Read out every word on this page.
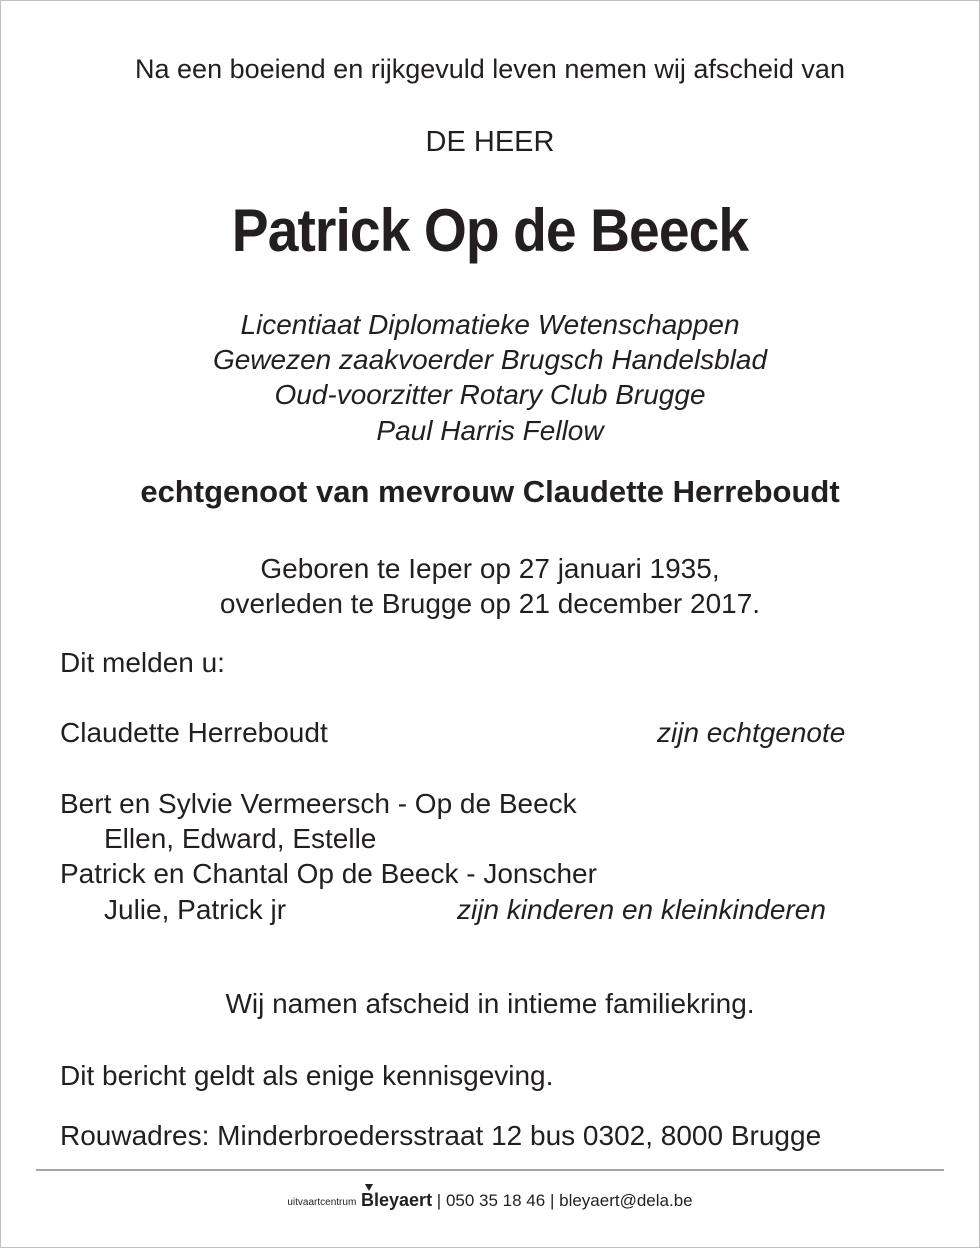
Na een boeiend en rijkgevuld leven nemen wij afscheid van
DE HEER
Patrick Op de Beeck
Licentiaat Diplomatieke Wetenschappen
Gewezen zaakvoerder Brugsch Handelsblad
Oud-voorzitter Rotary Club Brugge
Paul Harris Fellow
echtgenoot van mevrouw Claudette Herreboudt
Geboren te Ieper op 27 januari 1935,
overleden te Brugge op 21 december 2017.
Dit melden u:
Claudette Herreboudt	zijn echtgenote
Bert en Sylvie Vermeersch - Op de Beeck
Ellen, Edward, Estelle
Patrick en Chantal Op de Beeck - Jonscher
Julie, Patrick jr	zijn kinderen en kleinkinderen
Wij namen afscheid in intieme familiekring.
Dit bericht geldt als enige kennisgeving.
Rouwadres: Minderbroedersstraat 12 bus 0302, 8000 Brugge
uitvaartcentrum Bleyaert | 050 35 18 46 | bleyaert@dela.be
